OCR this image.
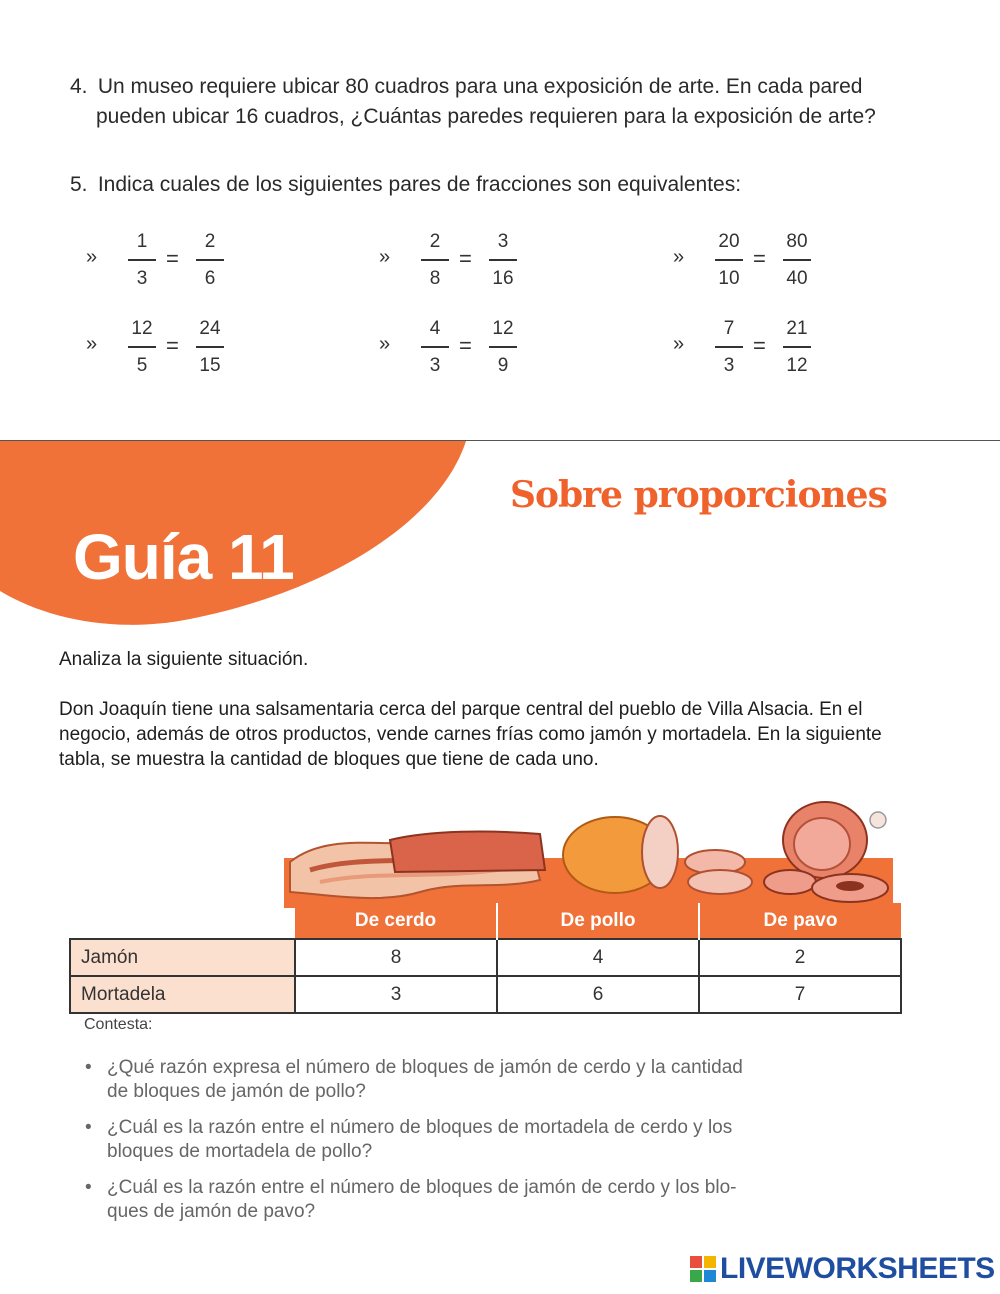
4. Un museo requiere ubicar 80 cuadros para una exposición de arte. En cada pared
pueden ubicar 16 cuadros, ¿Cuántas paredes requieren para la exposición de arte?
5. Indica cuales de los siguientes pares de fracciones son equivalentes:
»
1
3
=
2
6
»
2
8
=
3
16
»
20
10
=
80
40
»
12
5
=
24
15
»
4
3
=
12
9
»
7
3
=
21
12
Guía 11
Sobre proporciones
Analiza la siguiente situación.
Don Joaquín tiene una salsamentaria cerca del parque central del pueblo de Villa Alsacia. En el
negocio, además de otros productos, vende carnes frías como jamón y mortadela. En la siguiente
tabla, se muestra la cantidad de bloques que tiene de cada uno.
	De cerdo	De pollo	De pavo
Jamón	8	4	2
Mortadela	3	6	7
Contesta:
• ¿Qué razón expresa el número de bloques de jamón de cerdo y la cantidad
de bloques de jamón de pollo?
• ¿Cuál es la razón entre el número de bloques de mortadela de cerdo y los
bloques de mortadela de pollo?
• ¿Cuál es la razón entre el número de bloques de jamón de cerdo y los blo-
ques de jamón de pavo?
LIVEWORKSHEETS
